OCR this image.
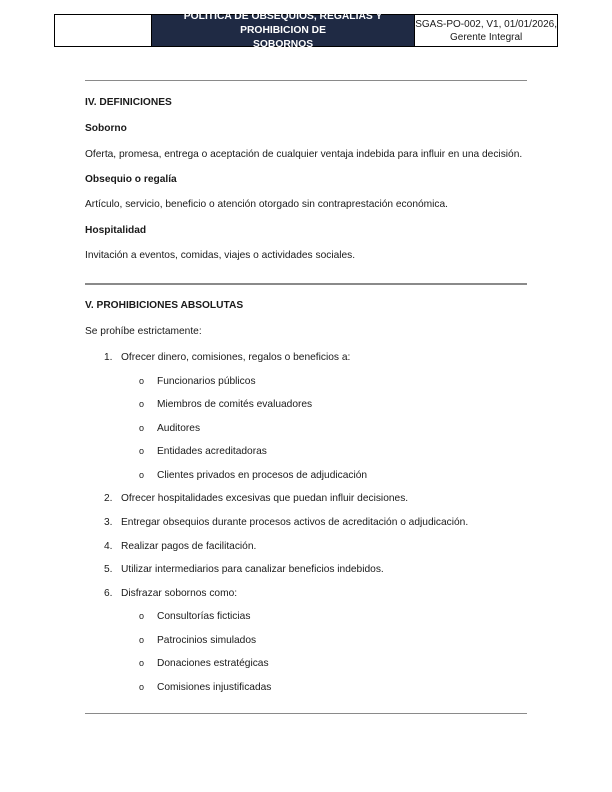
POLITICA DE OBSEQUIOS, REGALIAS Y PROHIBICION DE
SOBORNOS
SGAS-PO-002, V1, 01/01/2026,
Gerente Integral
IV. DEFINICIONES
Soborno
Oferta, promesa, entrega o aceptación de cualquier ventaja indebida para influir en una decisión.
Obsequio o regalía
Artículo, servicio, beneficio o atención otorgado sin contraprestación económica.
Hospitalidad
Invitación a eventos, comidas, viajes o actividades sociales.
V. PROHIBICIONES ABSOLUTAS
Se prohíbe estrictamente:
1. Ofrecer dinero, comisiones, regalos o beneficios a:
o Funcionarios públicos
o Miembros de comités evaluadores
o Auditores
o Entidades acreditadoras
o Clientes privados en procesos de adjudicación
2. Ofrecer hospitalidades excesivas que puedan influir decisiones.
3. Entregar obsequios durante procesos activos de acreditación o adjudicación.
4. Realizar pagos de facilitación.
5. Utilizar intermediarios para canalizar beneficios indebidos.
6. Disfrazar sobornos como:
o Consultorías ficticias
o Patrocinios simulados
o Donaciones estratégicas
o Comisiones injustificadas
